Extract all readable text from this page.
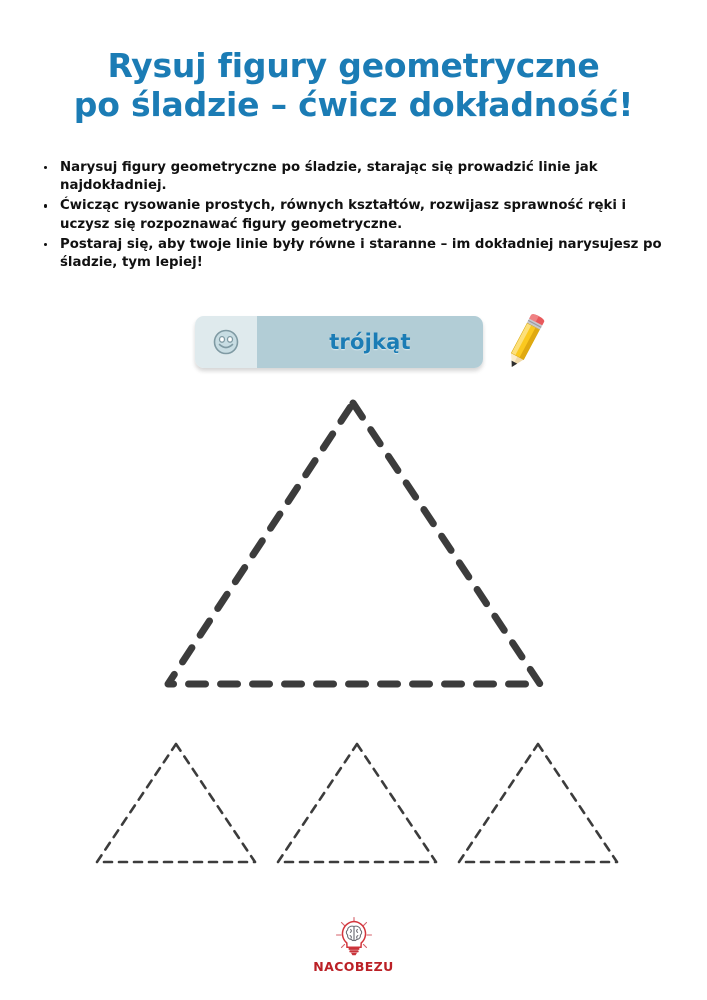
Rysuj figury geometryczne
po śladzie – ćwicz dokładność!
Narysuj figury geometryczne po śladzie, starając się prowadzić linie jak najdokładniej.
Ćwicząc rysowanie prostych, równych kształtów, rozwijasz sprawność ręki i uczysz się rozpoznawać figury geometryczne.
Postaraj się, aby twoje linie były równe i staranne – im dokładniej narysujesz po śladzie, tym lepiej!
trójkąt
NACOBEZU
